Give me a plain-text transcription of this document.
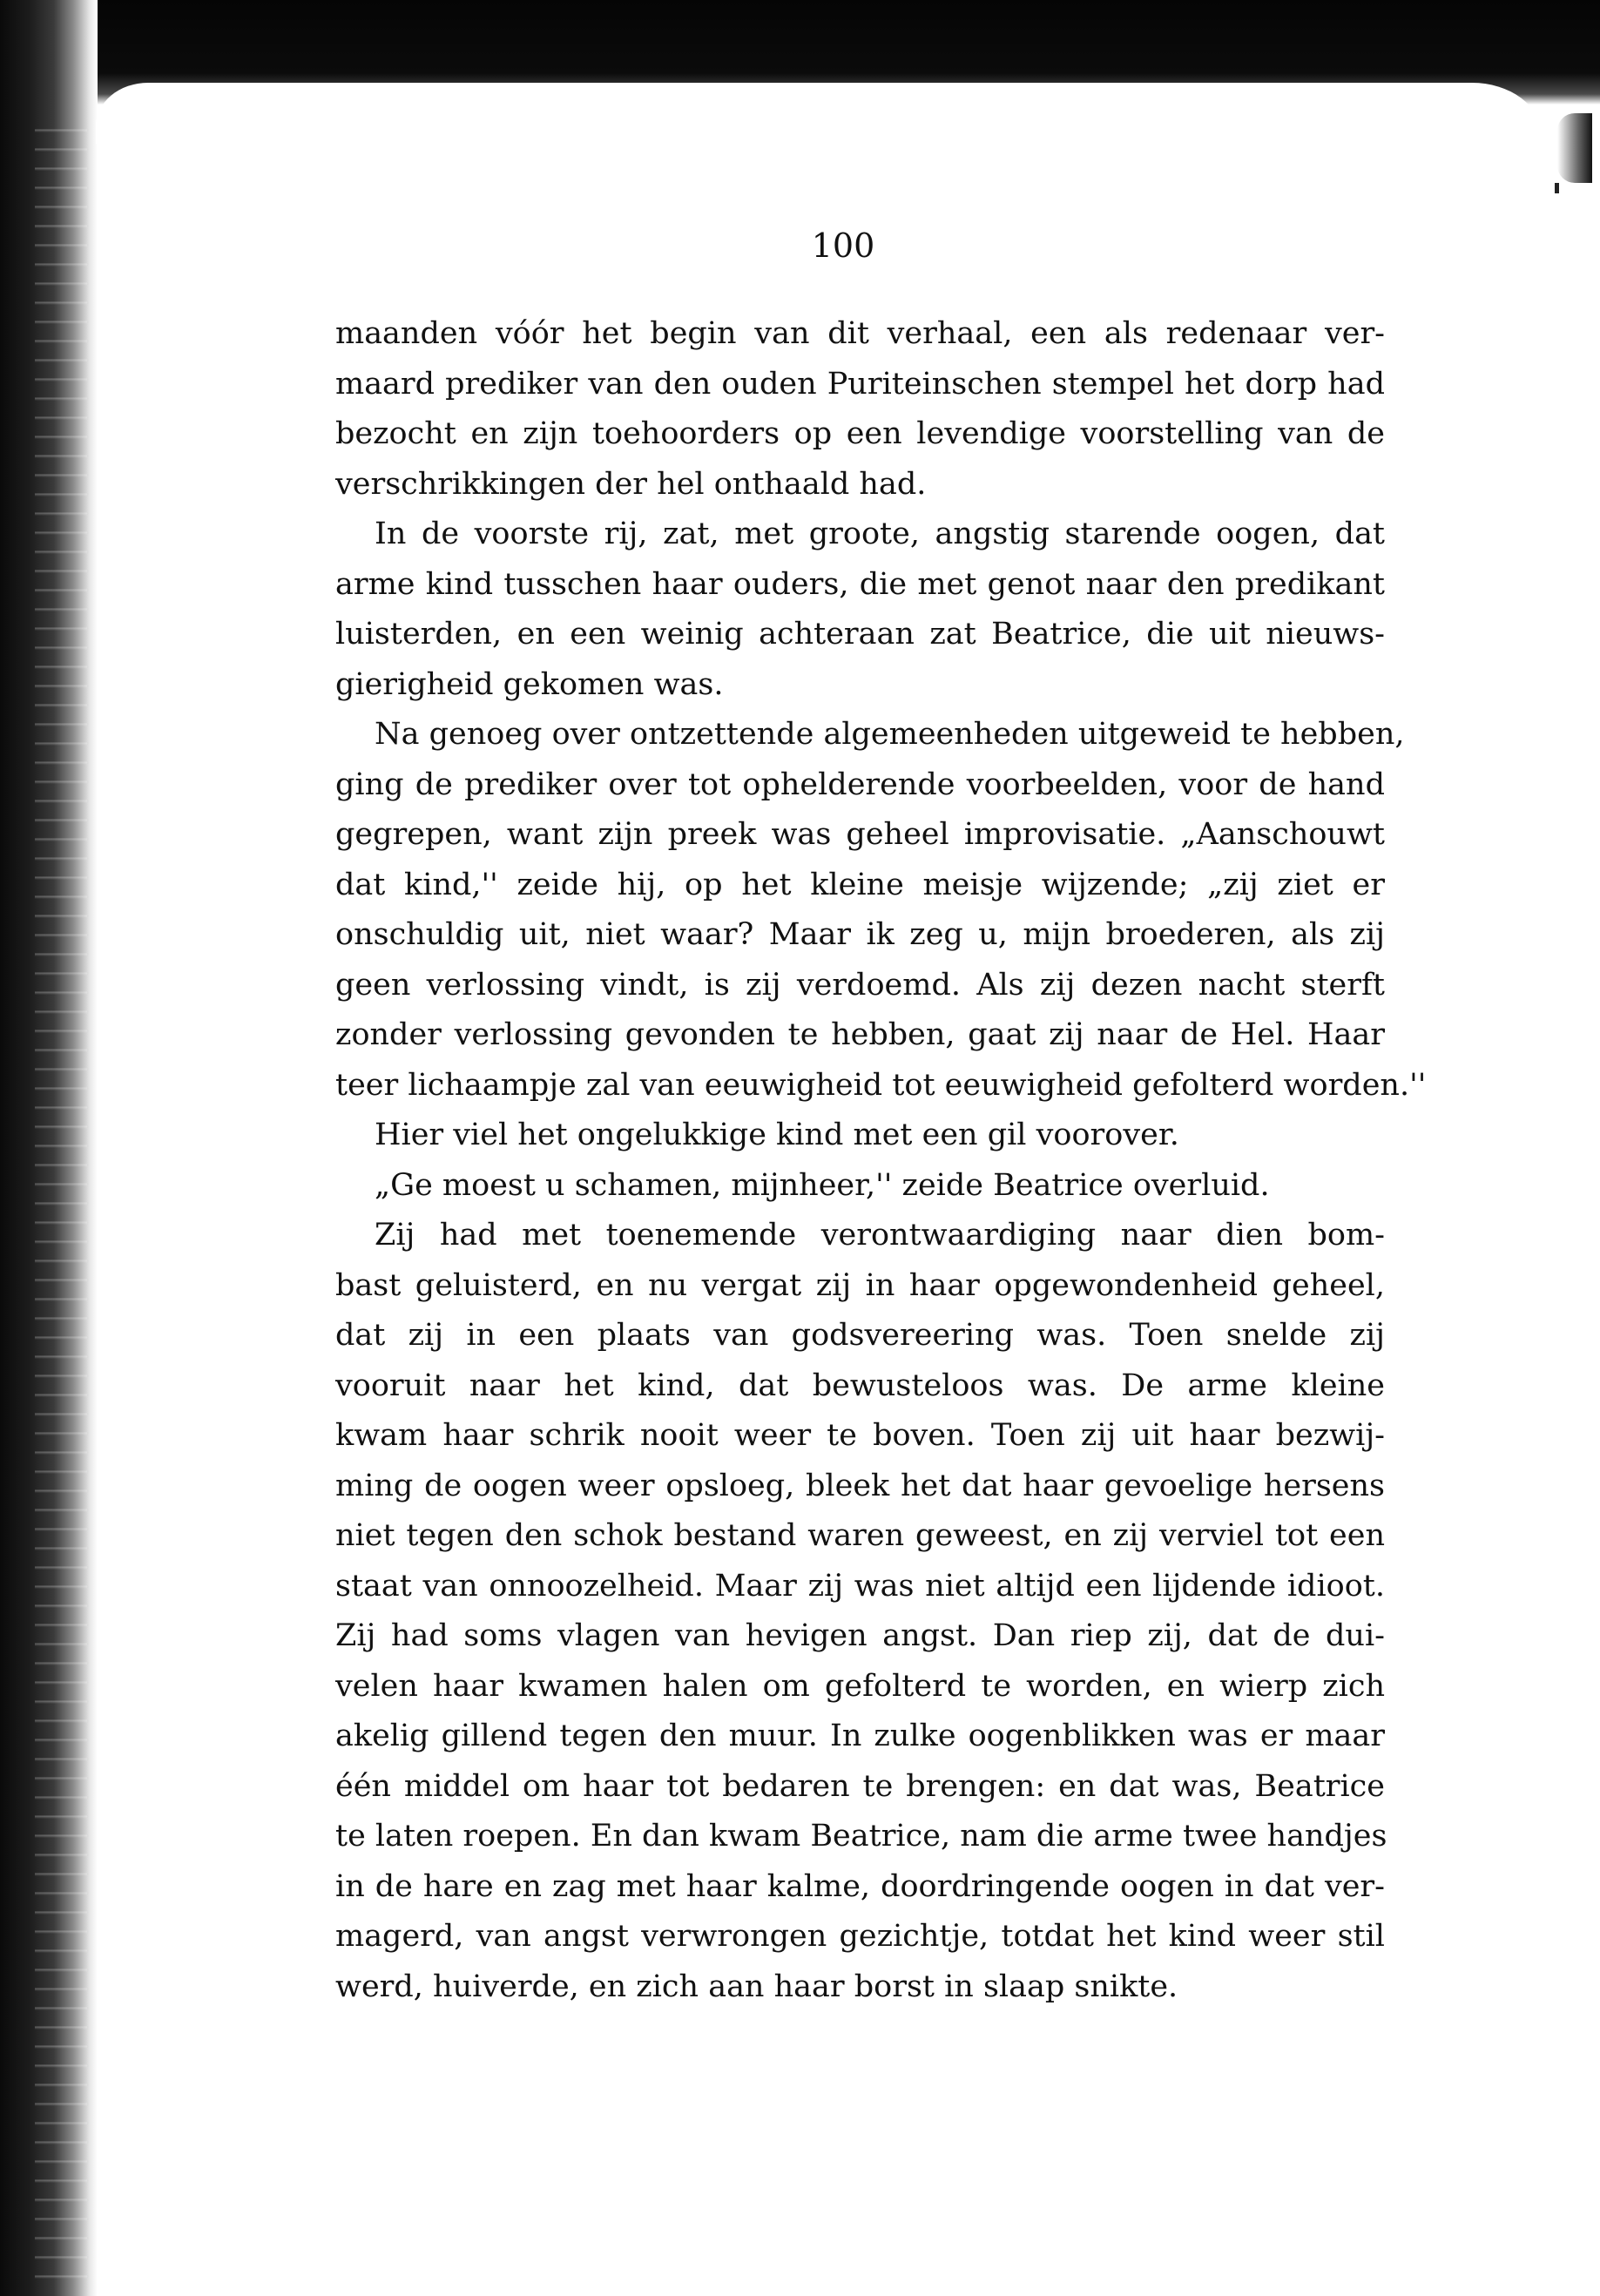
100
maanden vóór het begin van dit verhaal, een als redenaar ver-
maard prediker van den ouden Puriteinschen stempel het dorp had
bezocht en zijn toehoorders op een levendige voorstelling van de
verschrikkingen der hel onthaald had.
In de voorste rij, zat, met groote, angstig starende oogen, dat
arme kind tusschen haar ouders, die met genot naar den predikant
luisterden, en een weinig achteraan zat Beatrice, die uit nieuws-
gierigheid gekomen was.
Na genoeg over ontzettende algemeenheden uitgeweid te hebben,
ging de prediker over tot ophelderende voorbeelden, voor de hand
gegrepen, want zijn preek was geheel improvisatie. „Aanschouwt
dat kind,'' zeide hij, op het kleine meisje wijzende; „zij ziet er
onschuldig uit, niet waar? Maar ik zeg u, mijn broederen, als zij
geen verlossing vindt, is zij verdoemd. Als zij dezen nacht sterft
zonder verlossing gevonden te hebben, gaat zij naar de Hel. Haar
teer lichaampje zal van eeuwigheid tot eeuwigheid gefolterd worden.''
Hier viel het ongelukkige kind met een gil voorover.
„Ge moest u schamen, mijnheer,'' zeide Beatrice overluid.
Zij had met toenemende verontwaardiging naar dien bom-
bast geluisterd, en nu vergat zij in haar opgewondenheid geheel,
dat zij in een plaats van godsvereering was. Toen snelde zij
vooruit naar het kind, dat bewusteloos was. De arme kleine
kwam haar schrik nooit weer te boven. Toen zij uit haar bezwij-
ming de oogen weer opsloeg, bleek het dat haar gevoelige hersens
niet tegen den schok bestand waren geweest, en zij verviel tot een
staat van onnoozelheid. Maar zij was niet altijd een lijdende idioot.
Zij had soms vlagen van hevigen angst. Dan riep zij, dat de dui-
velen haar kwamen halen om gefolterd te worden, en wierp zich
akelig gillend tegen den muur. In zulke oogenblikken was er maar
één middel om haar tot bedaren te brengen: en dat was, Beatrice
te laten roepen. En dan kwam Beatrice, nam die arme twee handjes
in de hare en zag met haar kalme, doordringende oogen in dat ver-
magerd, van angst verwrongen gezichtje, totdat het kind weer stil
werd, huiverde, en zich aan haar borst in slaap snikte.
